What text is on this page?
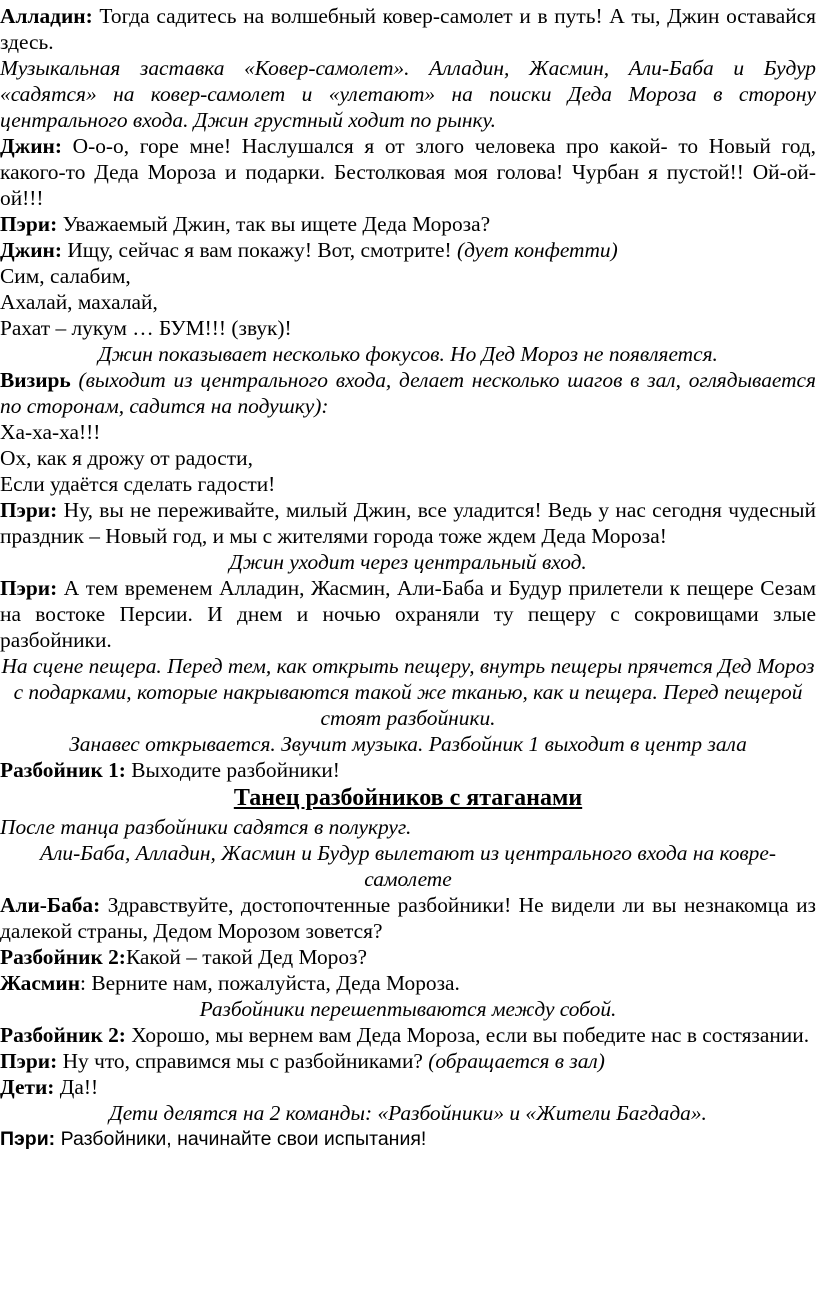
Алладин: Тогда садитесь на волшебный ковер-самолет и в путь! А ты, Джин оставайся здесь.

Музыкальная заставка «Ковер-самолет». Алладин, Жасмин, Али-Баба и Будур «садятся» на ковер-самолет и «улетают» на поиски Деда Мороза в сторону центрального входа. Джин грустный ходит по рынку.

Джин: О-о-о, горе мне! Наслушался я от злого человека про какой- то Новый год, какого-то Деда Мороза и подарки. Бестолковая моя голова! Чурбан я пустой!! Ой-ой-ой!!!

Пэри: Уважаемый Джин, так вы ищете Деда Мороза?

Джин: Ищу, сейчас я вам покажу! Вот, смотрите! (дует конфетти)

Сим, салабим,

Ахалай, махалай,

Рахат – лукум … БУМ!!! (звук)!

Джин показывает несколько фокусов. Но Дед Мороз не появляется.

Визирь (выходит из центрального входа, делает несколько шагов в зал, оглядывается по сторонам, садится на подушку):

Ха-ха-ха!!!

Ох, как я дрожу от радости,

Если удаётся сделать гадости!

Пэри: Ну, вы не переживайте, милый Джин, все уладится! Ведь у нас сегодня чудесный праздник – Новый год, и мы с жителями города тоже ждем Деда Мороза!

Джин уходит через центральный вход.

Пэри: А тем временем Алладин, Жасмин, Али-Баба и Будур прилетели к пещере Сезам на востоке Персии. И днем и ночью охраняли ту пещеру с сокровищами злые разбойники.

На сцене пещера. Перед тем, как открыть пещеру, внутрь пещеры прячется Дед Мороз с подарками, которые накрываются такой же тканью, как и пещера. Перед пещерой стоят разбойники.

Занавес открывается. Звучит музыка. Разбойник 1 выходит в центр зала

Разбойник 1: Выходите разбойники!

Танец разбойников с ятаганами

После танца разбойники садятся в полукруг.

Али-Баба, Алладин, Жасмин и Будур вылетают из центрального входа на ковре-самолете

Али-Баба: Здравствуйте, достопочтенные разбойники! Не видели ли вы незнакомца из далекой страны, Дедом Морозом зовется?

Разбойник 2:Какой – такой Дед Мороз?

Жасмин: Верните нам, пожалуйста, Деда Мороза.

Разбойники перешептываются между собой.

Разбойник 2: Хорошо, мы вернем вам Деда Мороза, если вы победите нас в состязании.

Пэри: Ну что, справимся мы с разбойниками? (обращается в зал)

Дети: Да!!

Дети делятся на 2 команды: «Разбойники» и «Жители Багдада».

Пэри: Разбойники, начинайте свои испытания!
